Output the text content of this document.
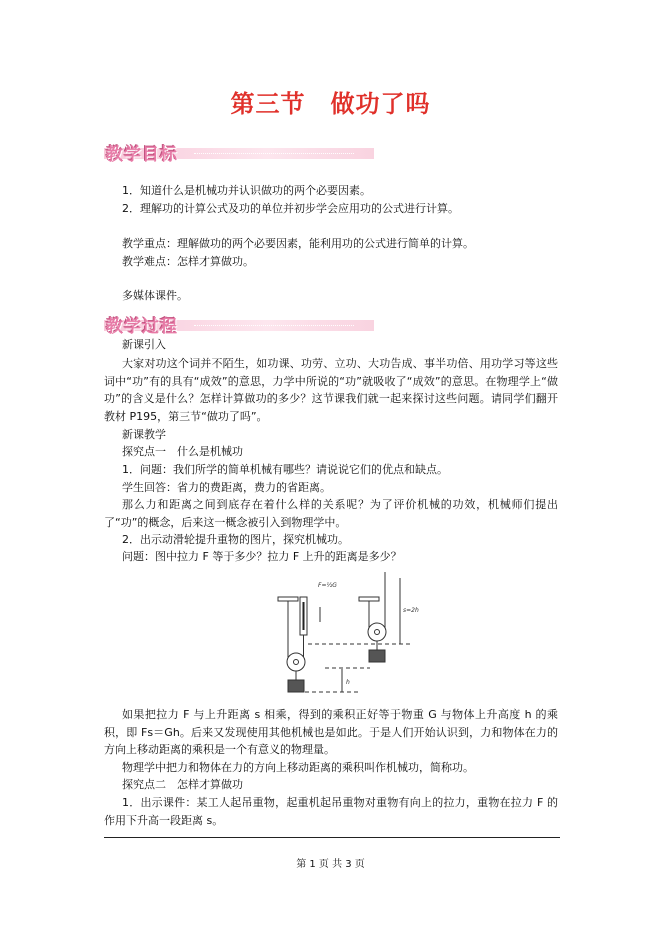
第三节　做功了吗
教学目标
1．知道什么是机械功并认识做功的两个必要因素。
2．理解功的计算公式及功的单位并初步学会应用功的公式进行计算。
教学重点：理解做功的两个必要因素，能利用功的公式进行简单的计算。
教学难点：怎样才算做功。
多媒体课件。
教学过程
新课引入
大家对功这个词并不陌生，如功课、功劳、立功、大功告成、事半功倍、用功学习等这些词中“功”有的具有“成效”的意思，力学中所说的“功”就吸收了“成效”的意思。在物理学上“做功”的含义是什么？怎样计算做功的多少？这节课我们就一起来探讨这些问题。请同学们翻开教材 P195，第三节“做功了吗”。
新课教学
探究点一　什么是机械功
1．问题：我们所学的简单机械有哪些？请说说它们的优点和缺点。
学生回答：省力的费距离，费力的省距离。
那么力和距离之间到底存在着什么样的关系呢？为了评价机械的功效，机械师们提出了“功”的概念，后来这一概念被引入到物理学中。
2．出示动滑轮提升重物的图片，探究机械功。
问题：图中拉力 F 等于多少？拉力 F 上升的距离是多少？
F=½G
s=2h
h
如果把拉力 F 与上升距离 s 相乘，得到的乘积正好等于物重 G 与物体上升高度 h 的乘积，即 Fs＝Gh。后来又发现使用其他机械也是如此。于是人们开始认识到，力和物体在力的方向上移动距离的乘积是一个有意义的物理量。
物理学中把力和物体在力的方向上移动距离的乘积叫作机械功，简称功。
探究点二　怎样才算做功
1．出示课件：某工人起吊重物，起重机起吊重物对重物有向上的拉力，重物在拉力 F 的作用下升高一段距离 s。
第 1 页 共 3 页
